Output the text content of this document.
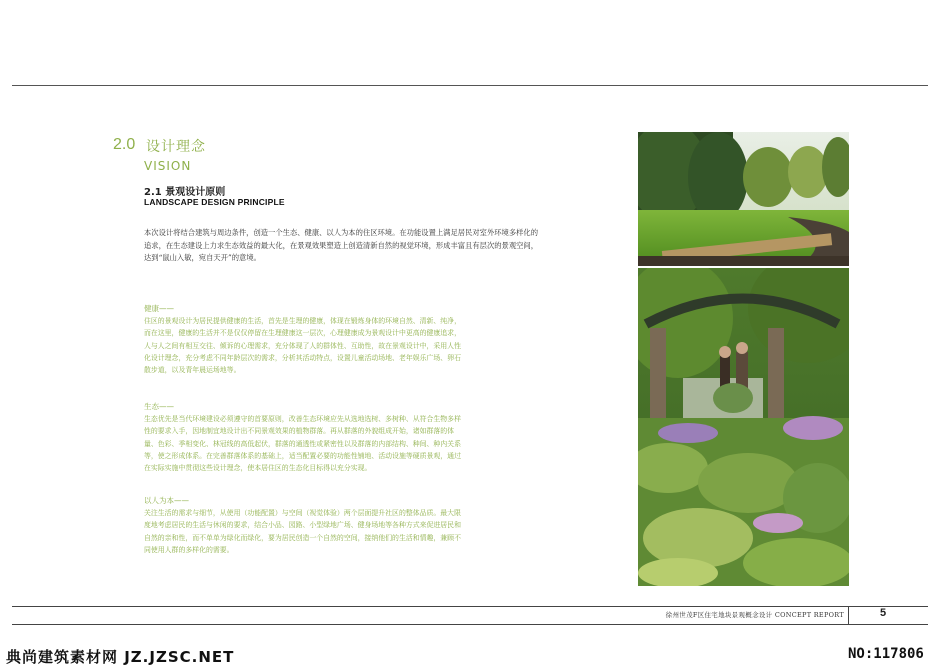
2.0 设计理念
VISION
2.1 景观设计原则
LANDSCAPE DESIGN PRINCIPLE

本次设计将结合建筑与周边条件，创造一个生态、健康、以人为本的住区环境。在功能设置上满足居民对室外环境多样化的追求，在生态建设上力求生态效益的最大化，在景观效果塑造上创造清新自然的视觉环境，形成丰富且有层次的景观空间，达到“鼠山入敏，宛自天开”的意境。

健康——
住区的景观设计为居民提供健康的生活，首先是生理的健康，体现在锻炼身体的环境自然、清新、纯净，而在这里，健康的生活并不是仅仅停留在生理健康这一层次，心理健康成为景观设计中更高的健康追求，人与人之间有相互交往、倾诉的心理需求，充分体现了人的群体性、互助性，故在景观设计中，采用人性化设计理念，充分考虑不同年龄层次的需求，分析其活动特点，设置儿童活动场地、老年娱乐广场、卵石散步道，以及青年晨运场地等。
生态——
生态优先是当代环境建设必须遵守的首要原则，改善生态环境应先从选地选树、多树种、从符合生物多样性的要求入手，因地制宜地设计出不同景观效果的植物群落。再从群落的外貌组成开始，诸如群落的体量、色彩、季相变化、林冠线的高低起伏，群落的通透性或紧密性以及群落的内部结构、种间、种内关系等，使之形成体系。在完善群落体系的基础上，适当配置必要的功能性铺地、活动设施等硬质景观，通过在实际实施中贯彻这些设计理念，使本居住区的生态化目标得以充分实现。
以人为本——
关注生活的需求与细节，从使用（功能配置）与空间（视觉体验）两个层面提升社区的整体品质。最大限度地考虑居民的生活与休闲的要求，结合小品、园路、小型绿地广场、健身场地等各种方式来促进居民和自然的亲和性，而不单单为绿化而绿化，要为居民创造一个自然的空间，接纳他们的生活和情趣，兼顾不同使用人群的多样化的需要。
徐州世茂F区住宅地块景观概念设计 CONCEPT REPORT	5
典尚建筑素材网 JZ.JZSC.NET	NO:117806
